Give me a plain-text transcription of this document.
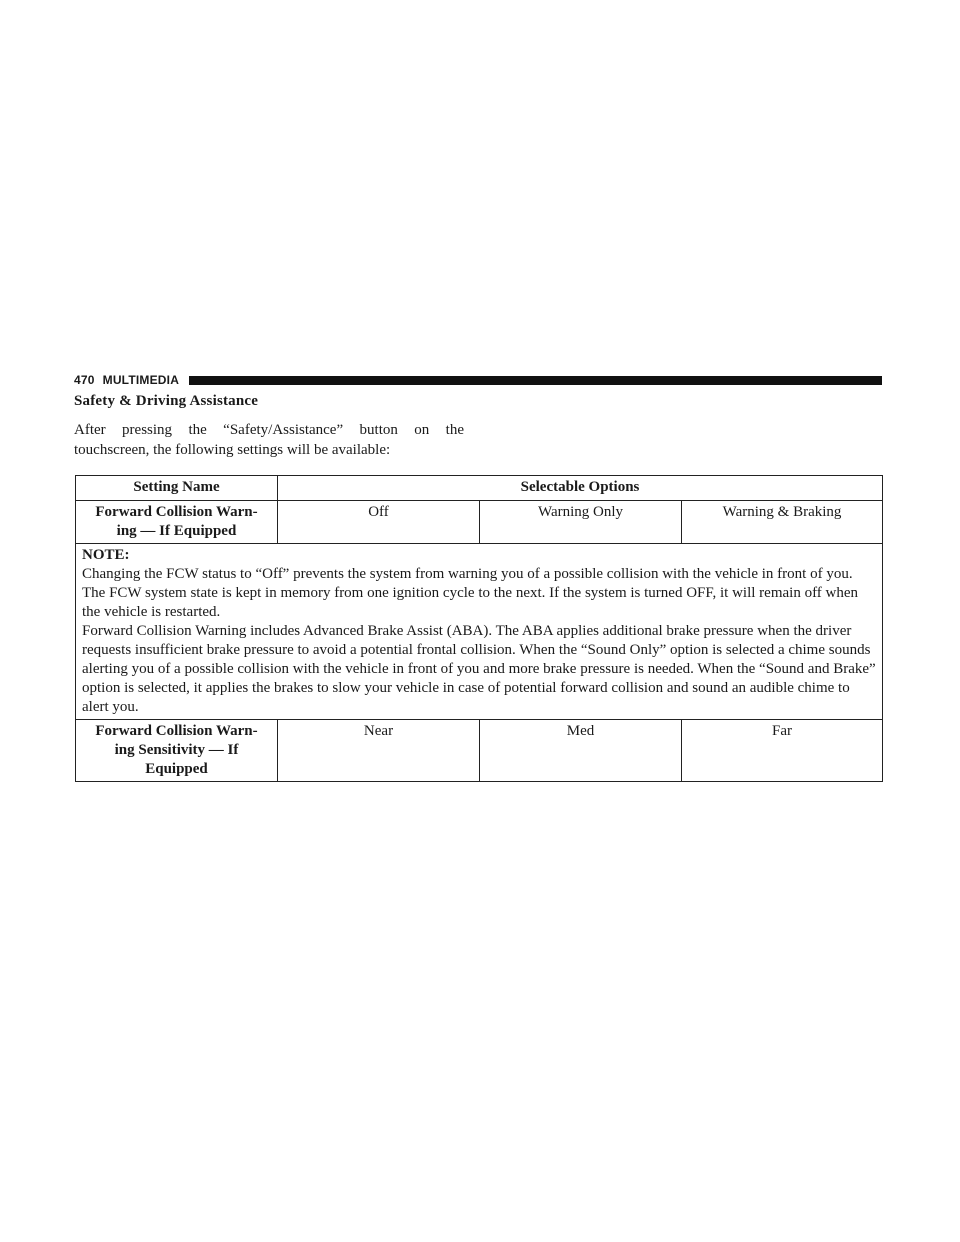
470 MULTIMEDIA
Safety & Driving Assistance
After pressing the “Safety/Assistance” button on the
touchscreen, the following settings will be available:
Setting Name	Selectable Options		

Forward Collision Warn-
ing — If Equipped	Off	Warning Only	Warning & Braking

NOTE:

Changing the FCW status to “Off” prevents the system from warning you of a possible collision with the vehicle in front of you.

The FCW system state is kept in memory from one ignition cycle to the next. If the system is turned OFF, it will remain off when the vehicle is restarted.

Forward Collision Warning includes Advanced Brake Assist (ABA). The ABA applies additional brake pressure when the driver requests insufficient brake pressure to avoid a potential frontal collision. When the “Sound Only” option is selected a chime sounds alerting you of a possible collision with the vehicle in front of you and more brake pressure is needed. When the “Sound and Brake” option is selected, it applies the brakes to slow your vehicle in case of potential forward collision and sound an audible chime to alert you.			

Forward Collision Warn-
ing Sensitivity — If
Equipped	Near	Med	Far
